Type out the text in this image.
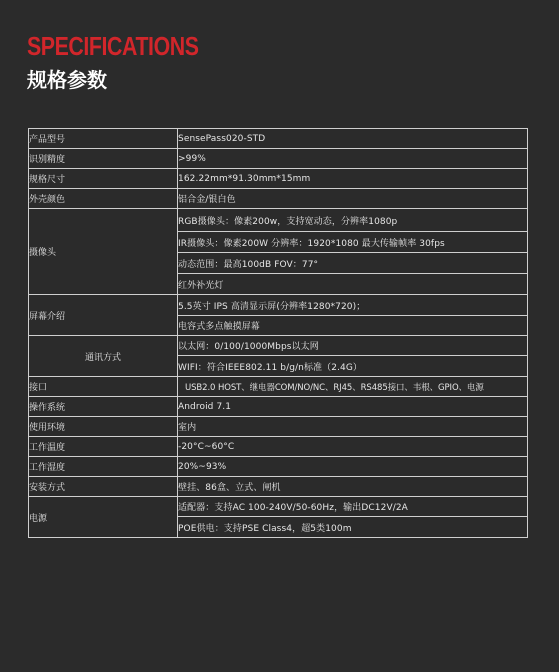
SPECIFICATIONS
规格参数
产品型号	SensePass020-STD
识别精度	>99%
规格尺寸	162.22mm*91.30mm*15mm
外壳颜色	铝合金/银白色
摄像头	RGB摄像头：像素200w，支持宽动态，分辨率1080p
	IR摄像头：像素200W 分辨率：1920*1080 最大传输帧率 30fps
	动态范围：最高100dB FOV：77°
	红外补光灯
屏幕介绍	5.5英寸 IPS 高清显示屏(分辨率1280*720)；
	电容式多点触摸屏幕
通讯方式	以太网：0/100/1000Mbps以太网
	WIFI：符合IEEE802.11 b/g/n标准（2.4G）
接口	USB2.0 HOST、继电器COM/NO/NC、RJ45、RS485接口、韦根、GPIO、电源
操作系统	Android 7.1
使用环境	室内
工作温度	-20°C~60°C
工作湿度	20%~93%
安装方式	壁挂、86盒、立式、闸机
电源	适配器：支持AC 100-240V/50-60Hz，输出DC12V/2A
	POE供电：支持PSE Class4，超5类100m
